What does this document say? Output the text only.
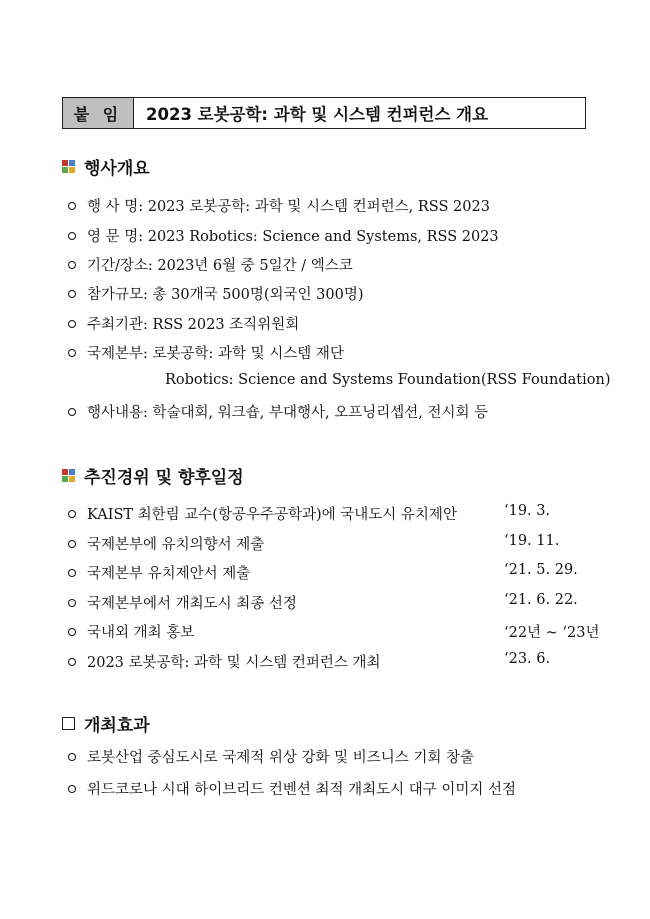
붙 임	2023 로봇공학: 과학 및 시스템 컨퍼런스 개요
행사개요
행 사 명: 2023 로봇공학: 과학 및 시스템 컨퍼런스, RSS 2023
영 문 명: 2023 Robotics: Science and Systems, RSS 2023
기간/장소: 2023년 6월 중 5일간 / 엑스코
참가규모: 총 30개국 500명(외국인 300명)
주최기관: RSS 2023 조직위원회
국제본부: 로봇공학: 과학 및 시스템 재단
Robotics: Science and Systems Foundation(RSS Foundation)
행사내용: 학술대회, 워크숍, 부대행사, 오프닝리셉션, 전시회 등
추진경위 및 향후일정
KAIST 최한림 교수(항공우주공학과)에 국내도시 유치제안	‘19. 3.
국제본부에 유치의향서 제출	‘19. 11.
국제본부 유치제안서 제출	‘21. 5. 29.
국제본부에서 개최도시 최종 선정	‘21. 6. 22.
국내외 개최 홍보	‘22년 ~ ‘23년
2023 로봇공학: 과학 및 시스템 컨퍼런스 개최	‘23. 6.
개최효과
로봇산업 중심도시로 국제적 위상 강화 및 비즈니스 기회 창출
위드코로나 시대 하이브리드 컨벤션 최적 개최도시 대구 이미지 선점
